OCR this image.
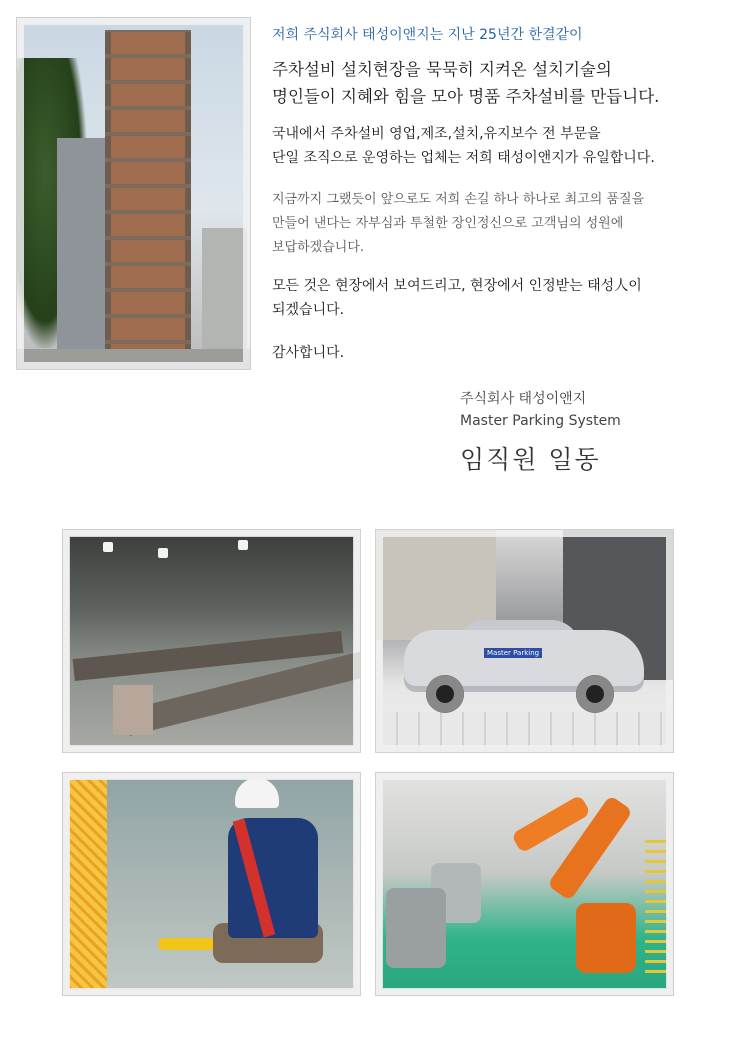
저희 주식회사 태성이앤지는 지난 25년간 한결같이

주차설비 설치현장을 묵묵히 지켜온 설치기술의
명인들이 지혜와 힘을 모아 명품 주차설비를 만듭니다.
국내에서 주차설비 영업,제조,설치,유지보수 전 부문을
단일 조직으로 운영하는 업체는 저희 태성이앤지가 유일합니다.
지금까지 그랬듯이 앞으로도 저희 손길 하나 하나로 최고의 품질을
만들어 낸다는 자부심과 투철한 장인정신으로 고객님의 성원에
보답하겠습니다.
모든 것은 현장에서 보여드리고, 현장에서 인정받는 태성人이
되겠습니다.

감사합니다.

주식회사 태성이앤지

Master Parking System

임직원 일동

Master Parking
